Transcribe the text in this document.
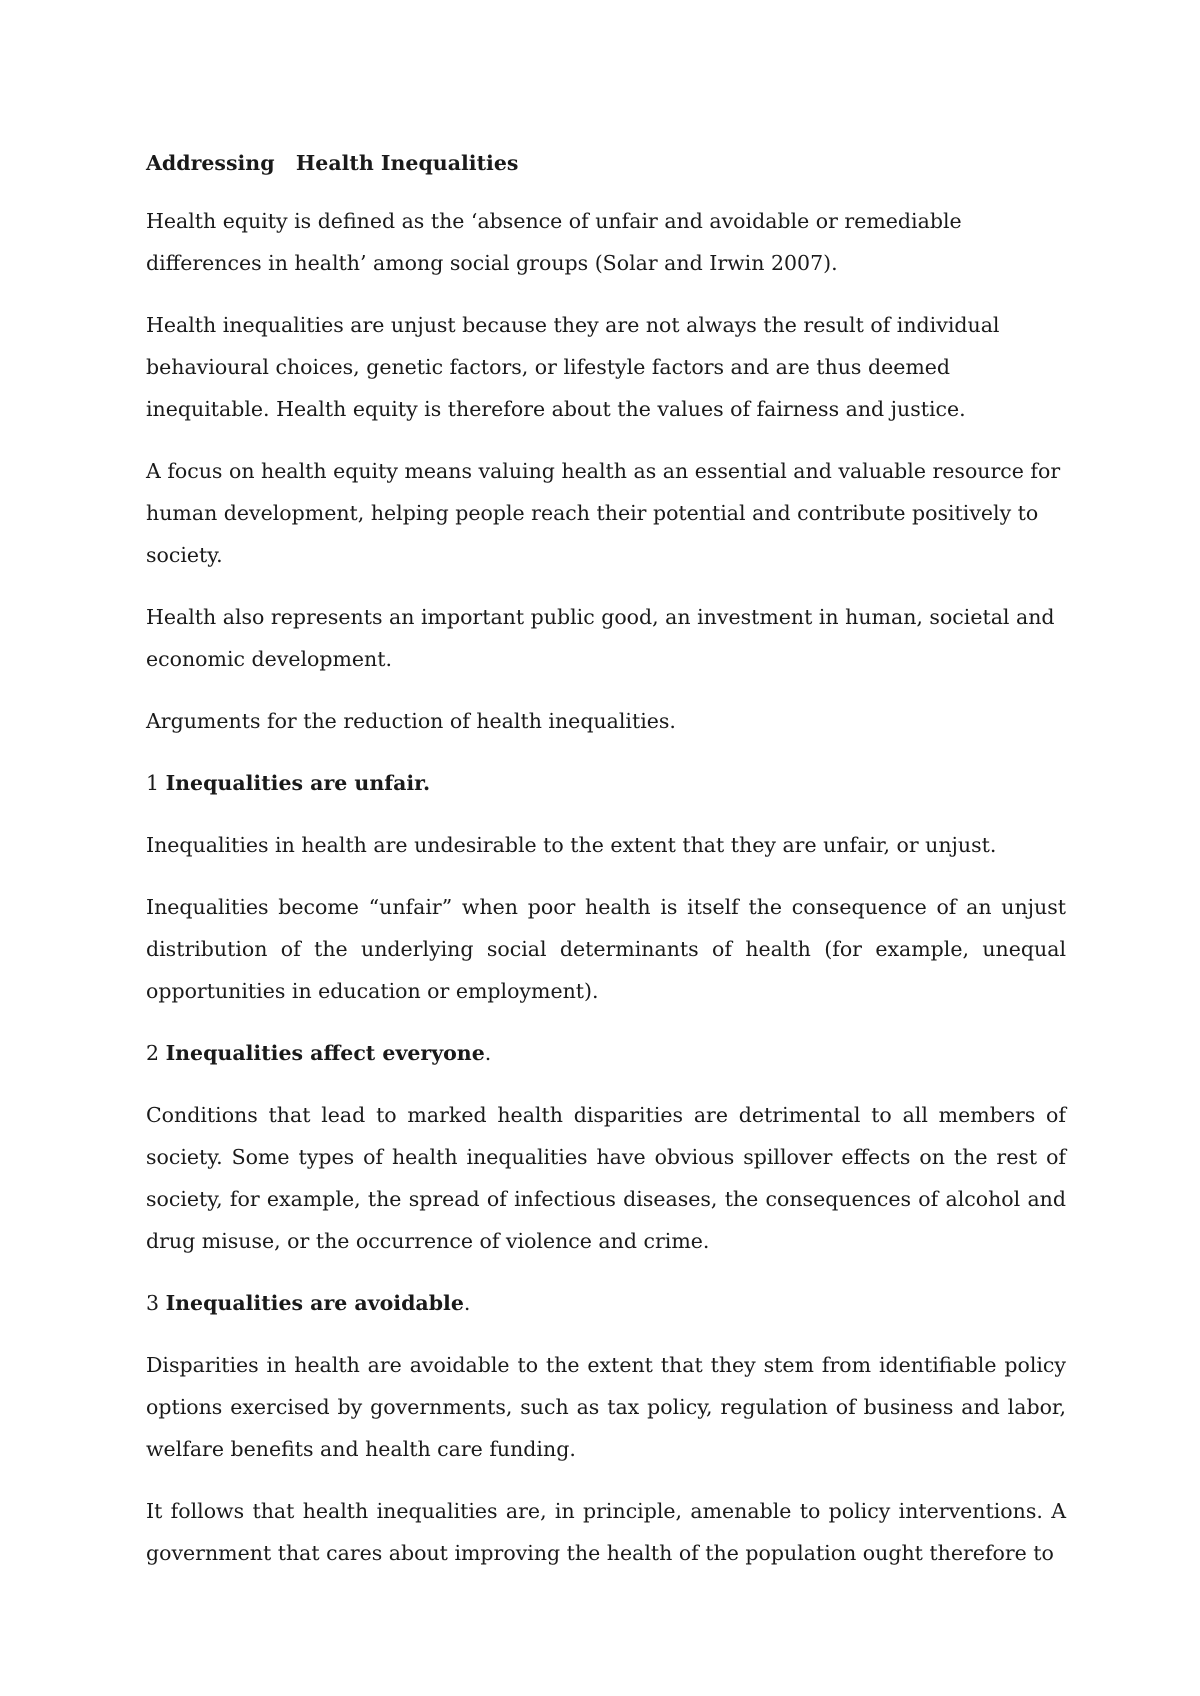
Addressing   Health Inequalities

Health equity is defined as the ‘absence of unfair and avoidable or remediable differences in health’ among social groups (Solar and Irwin 2007).

Health inequalities are unjust because they are not always the result of individual behavioural choices, genetic factors, or lifestyle factors and are thus deemed inequitable. Health equity is therefore about the values of fairness and justice.

A focus on health equity means valuing health as an essential and valuable resource for human development, helping people reach their potential and contribute positively to society.

Health also represents an important public good, an investment in human, societal and economic development.

Arguments for the reduction of health inequalities.

1 Inequalities are unfair.

Inequalities in health are undesirable to the extent that they are unfair, or unjust.

Inequalities become “unfair” when poor health is itself the consequence of an unjust distribution of the underlying social determinants of health (for example, unequal opportunities in education or employment).

2 Inequalities affect everyone.

Conditions that lead to marked health disparities are detrimental to all members of society. Some types of health inequalities have obvious spillover effects on the rest of society, for example, the spread of infectious diseases, the consequences of alcohol and drug misuse, or the occurrence of violence and crime.

3 Inequalities are avoidable.

Disparities in health are avoidable to the extent that they stem from identifiable policy options exercised by governments, such as tax policy, regulation of business and labor, welfare benefits and health care funding.

It follows that health inequalities are, in principle, amenable to policy interventions. A government that cares about improving the health of the population ought therefore to
